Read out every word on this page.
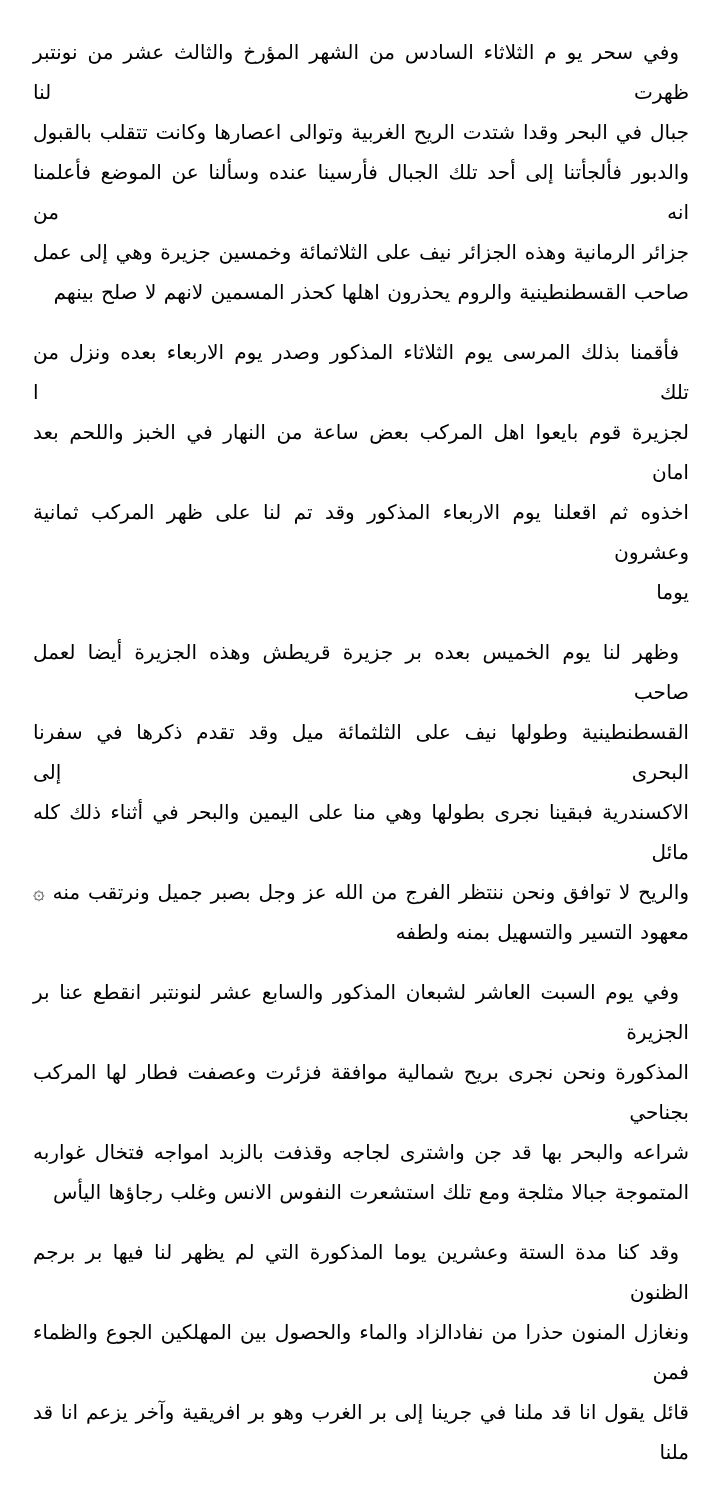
وفي سحر يو م الثلاثاء السادس من الشهر المؤرخ والثالث عشر من نونتبر ظهرت لنا
جبال في البحر وقدا شتدت الريح الغربية وتوالى اعصارها وكانت تتقلب بالقبول
والدبور فألجأتنا إلى أحد تلك الجبال فأرسينا عنده وسألنا عن الموضع فأعلمنا انه من
جزائر الرمانية وهذه الجزائر نيف على الثلاثمائة وخمسين جزيرة وهي إلى عمل
صاحب القسطنطينية والروم يحذرون اهلها كحذر المسمين لانهم لا صلح بينهم
فأقمنا بذلك المرسى يوم الثلاثاء المذكور وصدر يوم الاربعاء بعده ونزل من تلك ا
لجزيرة قوم بايعوا اهل المركب بعض ساعة من النهار في الخبز واللحم بعد امان
اخذوه ثم اقعلنا يوم الاربعاء المذكور وقد تم لنا على ظهر المركب ثمانية وعشرون
يوما
وظهر لنا يوم الخميس بعده بر جزيرة قريطش وهذه الجزيرة أيضا لعمل صاحب
القسطنطينية وطولها نيف على الثلثمائة ميل وقد تقدم ذكرها في سفرنا البحرى إلى
الاكسندرية فبقينا نجرى بطولها وهي منا على اليمين والبحر في أثناء ذلك كله مائل
والريح لا توافق ونحن ننتظر الفرج من الله عز وجل بصبر جميل ونرتقب منه ۞
معهود التسير والتسهيل بمنه ولطفه
وفي يوم السبت العاشر لشبعان المذكور والسابع عشر لنونتبر انقطع عنا بر الجزيرة
المذكورة ونحن نجرى بريح شمالية موافقة فزئرت وعصفت فطار لها المركب بجناحي
شراعه والبحر بها قد جن واشترى لجاجه وقذفت بالزبد امواجه فتخال غواربه
المتموجة جبالا مثلجة ومع تلك استشعرت النفوس الانس وغلب رجاؤها اليأس
وقد كنا مدة الستة وعشرين يوما المذكورة التي لم يظهر لنا فيها بر برجم الظنون
ونغازل المنون حذرا من نفادالزاد والماء والحصول بين المهلكين الجوع والظماء فمن
قائل يقول انا قد ملنا في جرينا إلى بر الغرب وهو بر افريقية وآخر يزعم انا قد ملنا
